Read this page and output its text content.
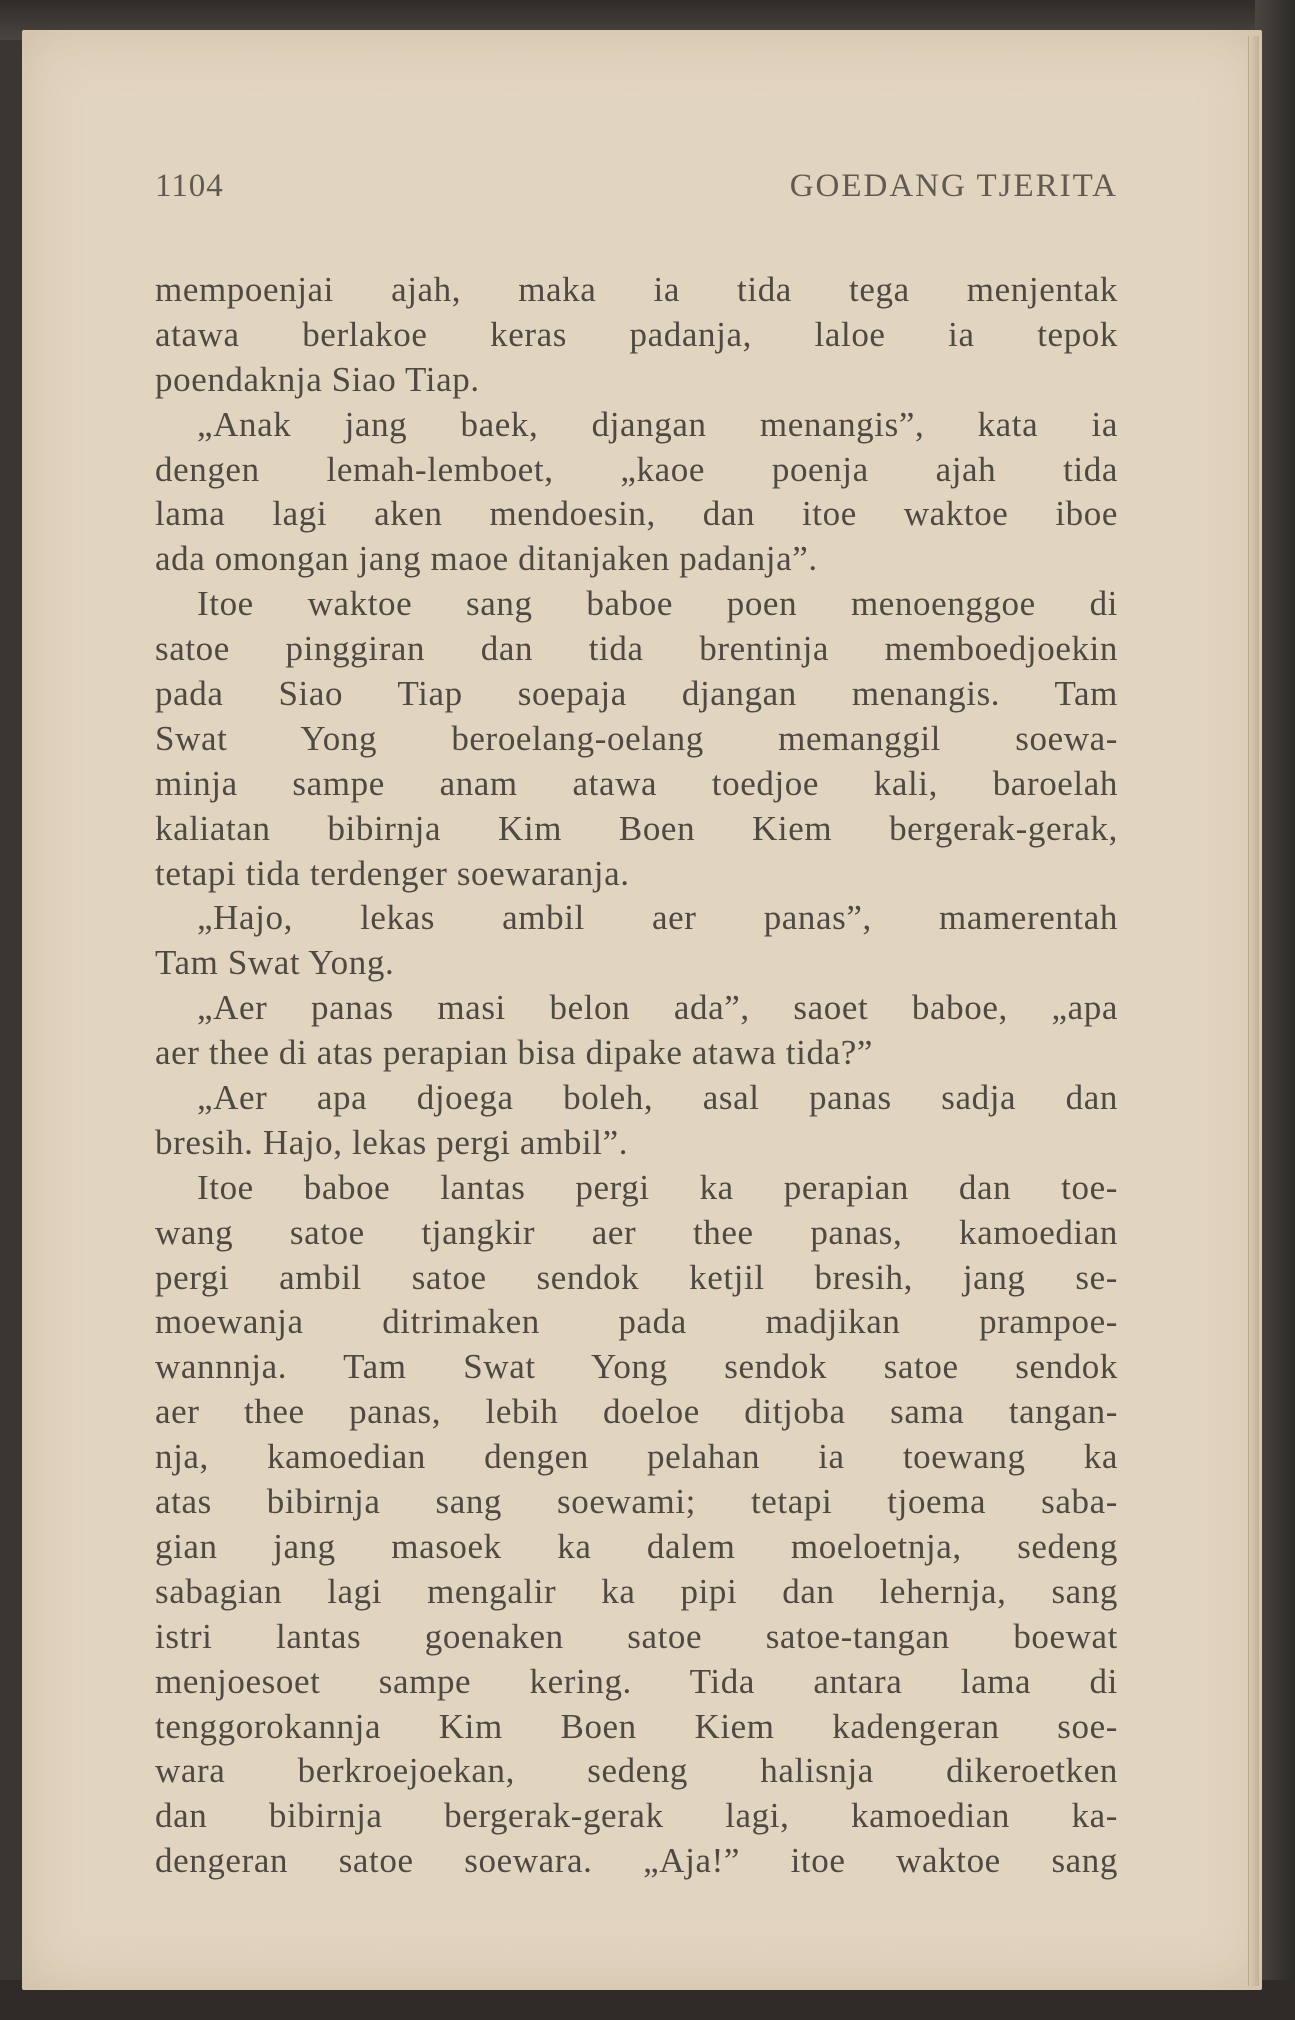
1104	GOEDANG TJERITA
mempoenjai ajah, maka ia tida tega menjentak
atawa berlakoe keras padanja, laloe ia tepok
poendaknja Siao Tiap.
„Anak jang baek, djangan menangis”, kata ia
dengen lemah-lemboet, „kaoe poenja ajah tida
lama lagi aken mendoesin, dan itoe waktoe iboe
ada omongan jang maoe ditanjaken padanja”.
Itoe waktoe sang baboe poen menoenggoe di
satoe pinggiran dan tida brentinja memboedjoekin
pada Siao Tiap soepaja djangan menangis. Tam
Swat Yong beroelang-oelang memanggil soewa-
minja sampe anam atawa toedjoe kali, baroelah
kaliatan bibirnja Kim Boen Kiem bergerak-gerak,
tetapi tida terdenger soewaranja.
„Hajo, lekas ambil aer panas”, mamerentah
Tam Swat Yong.
„Aer panas masi belon ada”, saoet baboe, „apa
aer thee di atas perapian bisa dipake atawa tida?”
„Aer apa djoega boleh, asal panas sadja dan
bresih. Hajo, lekas pergi ambil”.
Itoe baboe lantas pergi ka perapian dan toe-
wang satoe tjangkir aer thee panas, kamoedian
pergi ambil satoe sendok ketjil bresih, jang se-
moewanja ditrimaken pada madjikan prampoe-
wannnja. Tam Swat Yong sendok satoe sendok
aer thee panas, lebih doeloe ditjoba sama tangan-
nja, kamoedian dengen pelahan ia toewang ka
atas bibirnja sang soewami; tetapi tjoema saba-
gian jang masoek ka dalem moeloetnja, sedeng
sabagian lagi mengalir ka pipi dan lehernja, sang
istri lantas goenaken satoe satoe-tangan boewat
menjoesoet sampe kering. Tida antara lama di
tenggorokannja Kim Boen Kiem kadengeran soe-
wara berkroejoekan, sedeng halisnja dikeroetken
dan bibirnja bergerak-gerak lagi, kamoedian ka-
dengeran satoe soewara. „Aja!” itoe waktoe sang
